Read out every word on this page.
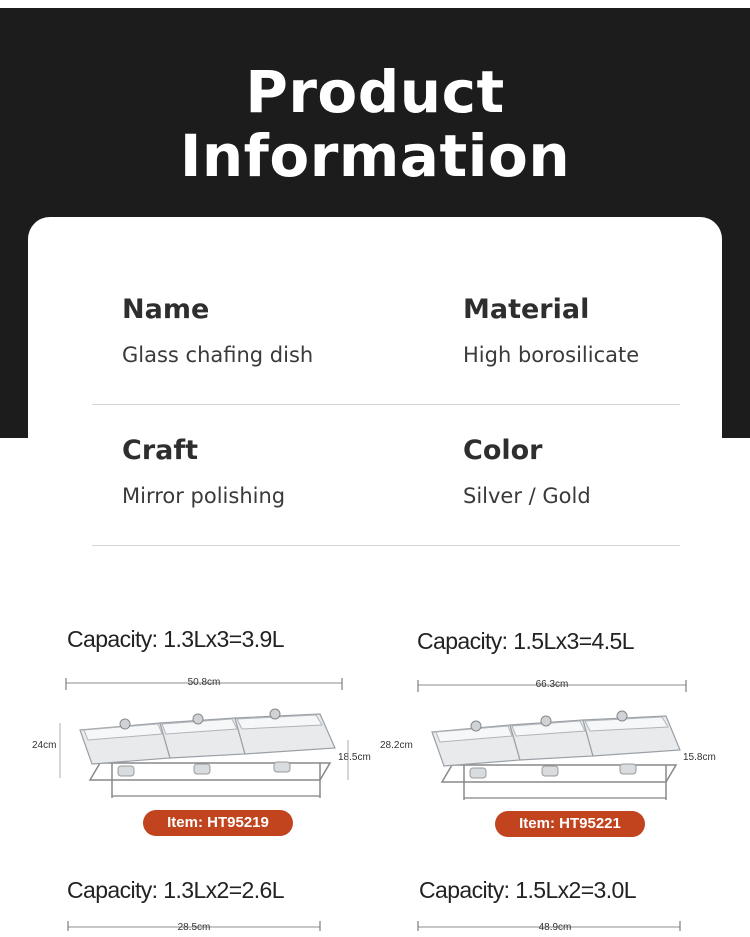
Product
Information
Name
Glass chafing dish
Material
High borosilicate
Craft
Mirror polishing
Color
Silver / Gold
Capacity: 1.3Lx3=3.9L
50.8cm
24cm
18.5cm
Item: HT95219
Capacity: 1.5Lx3=4.5L
66.3cm
28.2cm
15.8cm
Item: HT95221
Capacity: 1.3Lx2=2.6L
28.5cm
Capacity: 1.5Lx2=3.0L
48.9cm
